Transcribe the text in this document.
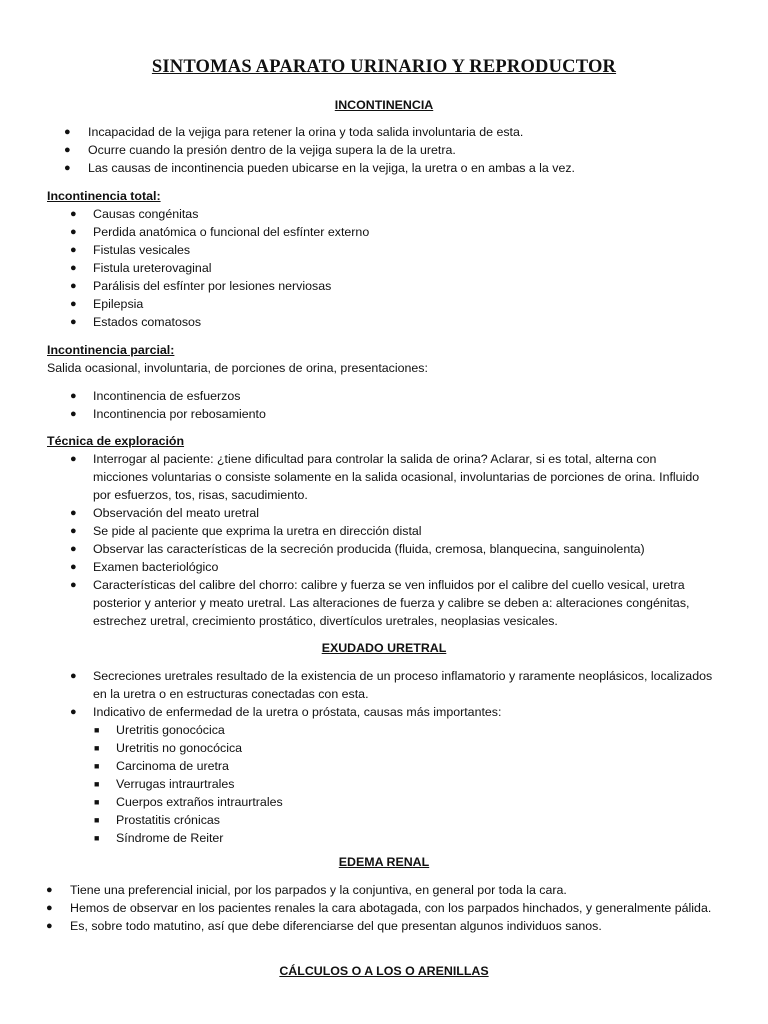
SINTOMAS APARATO URINARIO Y REPRODUCTOR
INCONTINENCIA
● Incapacidad de la vejiga para retener la orina y toda salida involuntaria de esta.
● Ocurre cuando la presión dentro de la vejiga supera la de la uretra.
● Las causas de incontinencia pueden ubicarse en la vejiga, la uretra o en ambas a la vez.
Incontinencia total:
● Causas congénitas
● Perdida anatómica o funcional del esfínter externo
● Fistulas vesicales
● Fistula ureterovaginal
● Parálisis del esfínter por lesiones nerviosas
● Epilepsia
● Estados comatosos
Incontinencia parcial:
Salida ocasional, involuntaria, de porciones de orina, presentaciones:
● Incontinencia de esfuerzos
● Incontinencia por rebosamiento
Técnica de exploración
● Interrogar al paciente: ¿tiene dificultad para controlar la salida de orina? Aclarar, si es total, alterna con micciones voluntarias o consiste solamente en la salida ocasional, involuntarias de porciones de orina. Influido por esfuerzos, tos, risas, sacudimiento.
● Observación del meato uretral
● Se pide al paciente que exprima la uretra en dirección distal
● Observar las características de la secreción producida (fluida, cremosa, blanquecina, sanguinolenta)
● Examen bacteriológico
● Características del calibre del chorro: calibre y fuerza se ven influidos por el calibre del cuello vesical, uretra posterior y anterior y meato uretral. Las alteraciones de fuerza y calibre se deben a: alteraciones congénitas, estrechez uretral, crecimiento prostático, divertículos uretrales, neoplasias vesicales.
EXUDADO URETRAL
● Secreciones uretrales resultado de la existencia de un proceso inflamatorio y raramente neoplásicos, localizados en la uretra o en estructuras conectadas con esta.
● Indicativo de enfermedad de la uretra o próstata, causas más importantes:
■ Uretritis gonocócica
■ Uretritis no gonocócica
■ Carcinoma de uretra
■ Verrugas intraurtrales
■ Cuerpos extraños intraurtrales
■ Prostatitis crónicas
■ Síndrome de Reiter
EDEMA RENAL
● Tiene una preferencial inicial, por los parpados y la conjuntiva, en general por toda la cara.
● Hemos de observar en los pacientes renales la cara abotagada, con los parpados hinchados, y generalmente pálida.
● Es, sobre todo matutino, así que debe diferenciarse del que presentan algunos individuos sanos.
CÁLCULOS O A LOS O ARENILLAS
